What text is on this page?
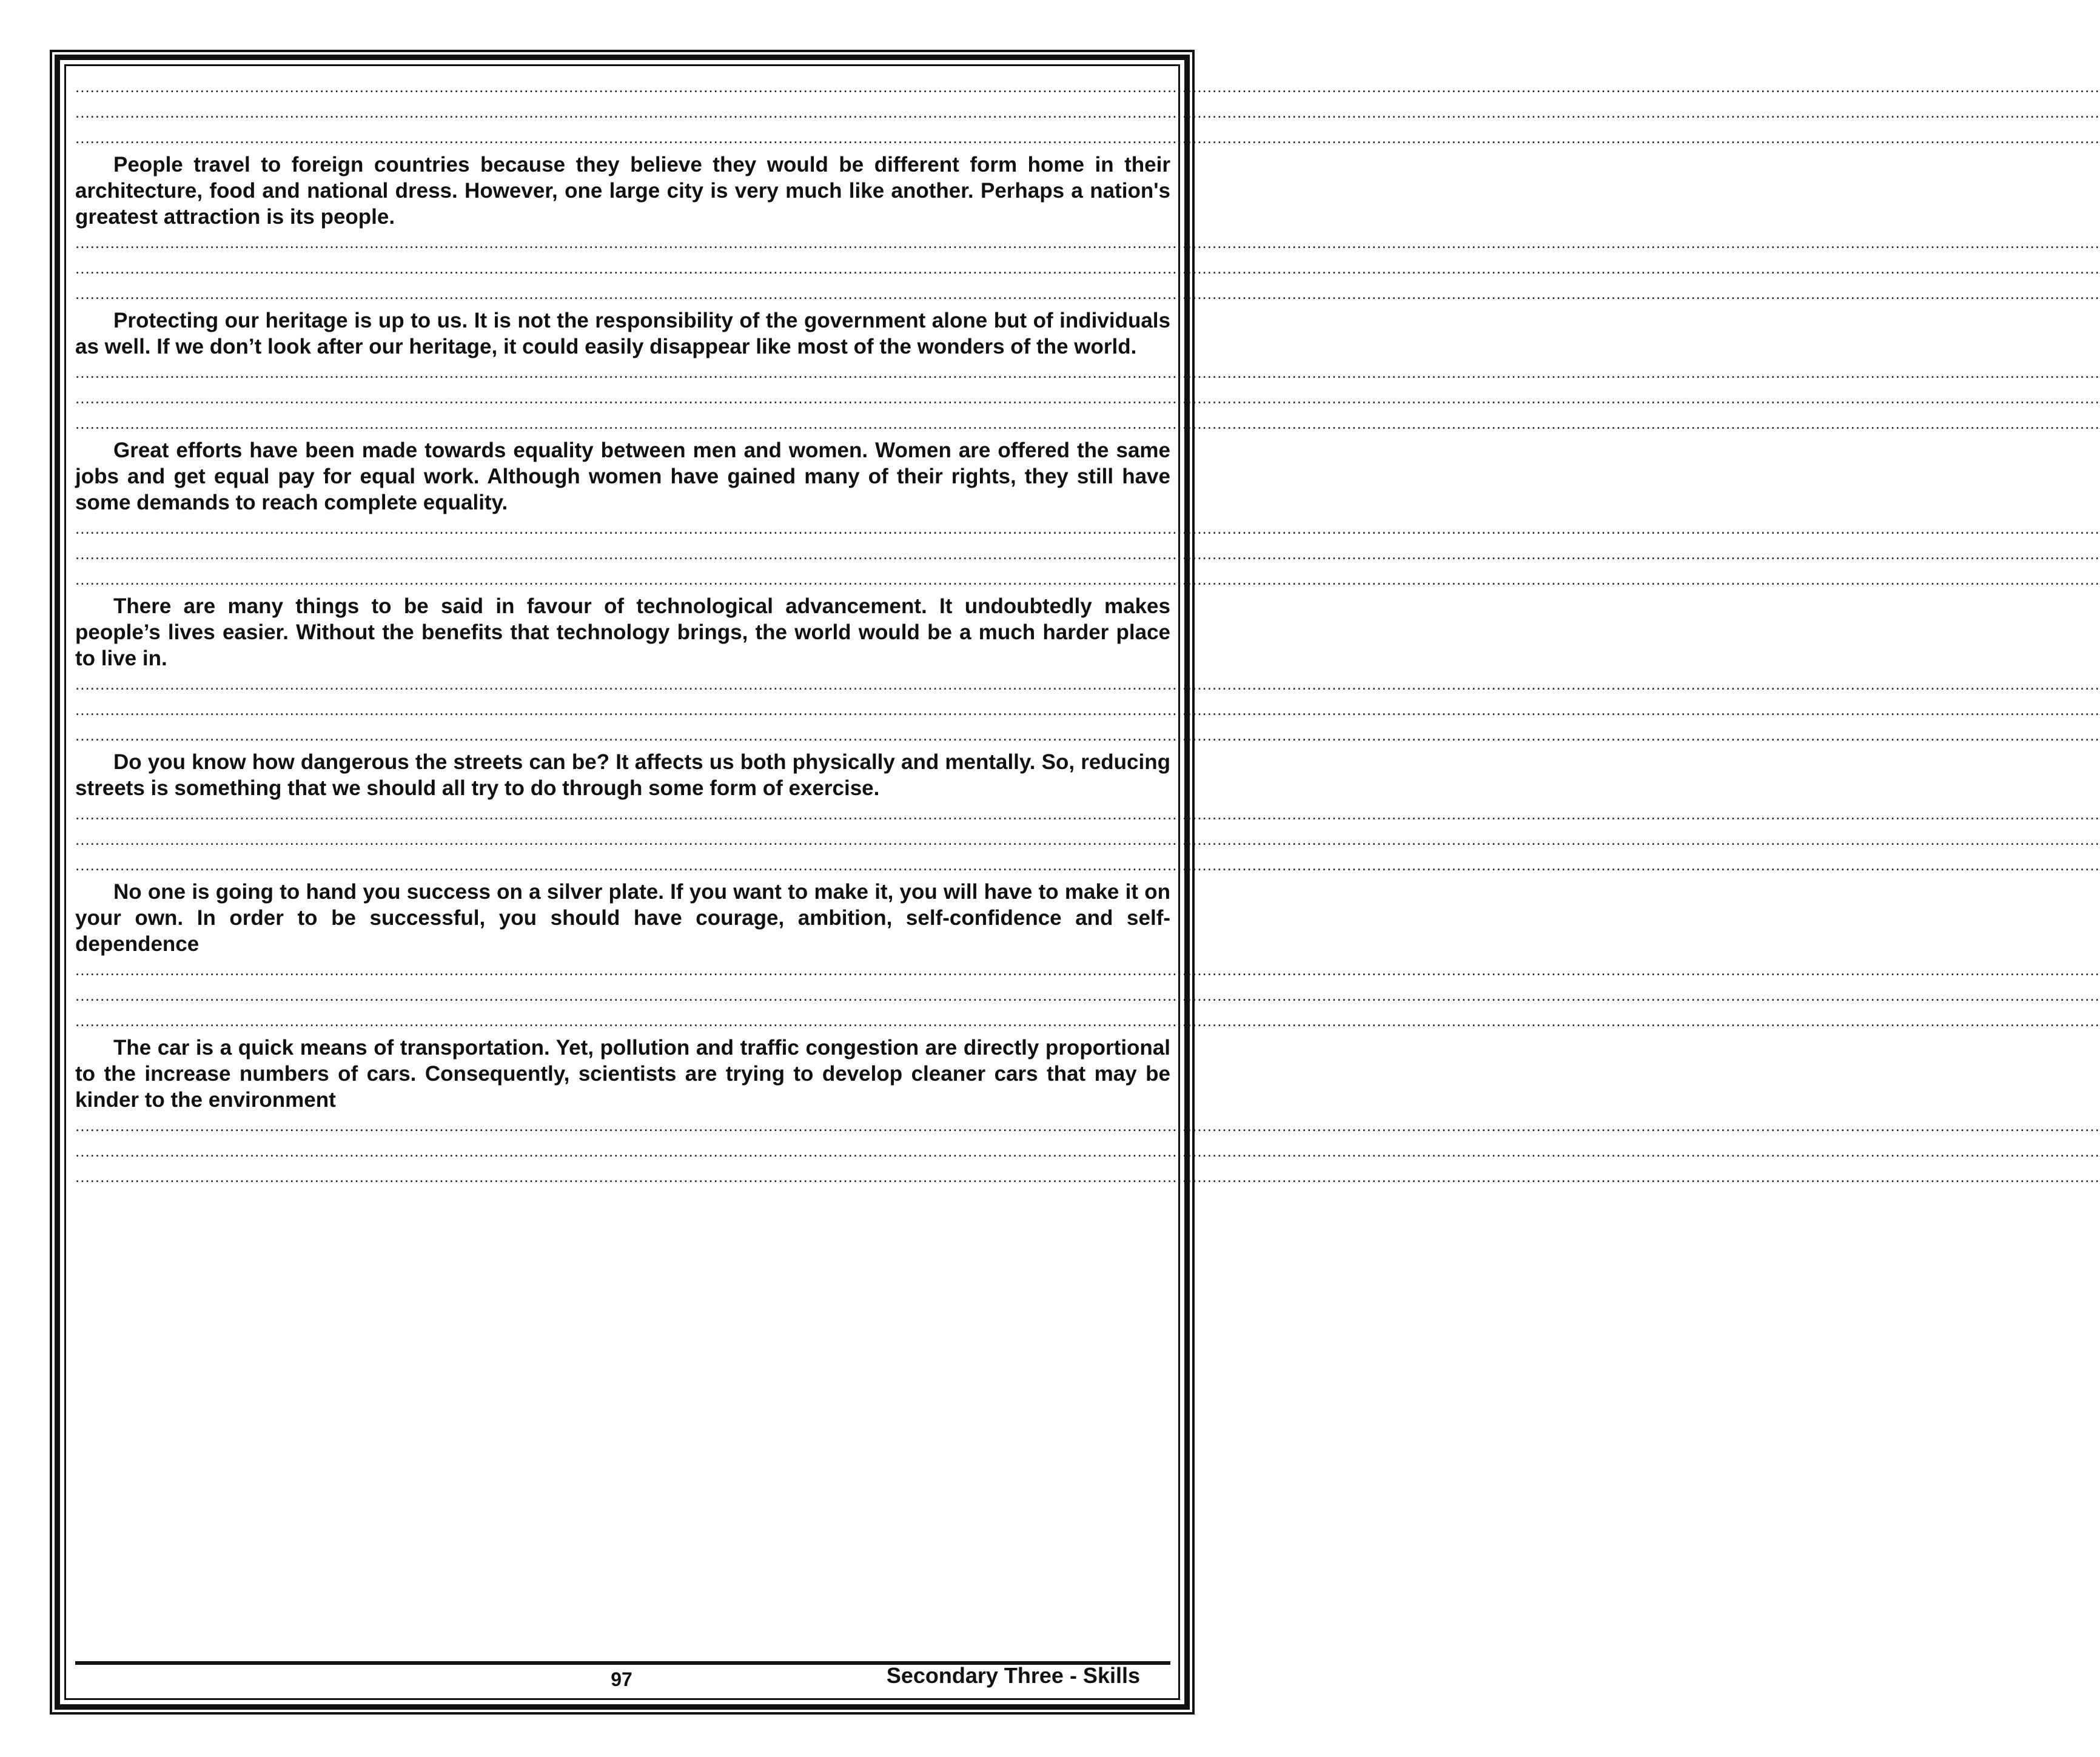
......................................................................................................................................................................................................................................................................................................................................................................................................................
......................................................................................................................................................................................................................................................................................................................................................................................................................
......................................................................................................................................................................................................................................................................................................................................................................................................................

People travel to foreign countries because they believe they would be different form home in their architecture, food and national dress. However, one large city is very much like another. Perhaps a nation's greatest attraction is its people.

......................................................................................................................................................................................................................................................................................................................................................................................................................
......................................................................................................................................................................................................................................................................................................................................................................................................................
......................................................................................................................................................................................................................................................................................................................................................................................................................

Protecting our heritage is up to us. It is not the responsibility of the government alone but of individuals as well. If we don’t look after our heritage, it could easily disappear like most of the wonders of the world.

......................................................................................................................................................................................................................................................................................................................................................................................................................
......................................................................................................................................................................................................................................................................................................................................................................................................................
......................................................................................................................................................................................................................................................................................................................................................................................................................

Great efforts have been made towards equality between men and women. Women are offered the same jobs and get equal pay for equal work. Although women have gained many of their rights, they still have some demands to reach complete equality.

......................................................................................................................................................................................................................................................................................................................................................................................................................
......................................................................................................................................................................................................................................................................................................................................................................................................................
......................................................................................................................................................................................................................................................................................................................................................................................................................

There are many things to be said in favour of technological advancement. It undoubtedly makes people’s lives easier. Without the benefits that technology brings, the world would be a much harder place to live in.

......................................................................................................................................................................................................................................................................................................................................................................................................................
......................................................................................................................................................................................................................................................................................................................................................................................................................
......................................................................................................................................................................................................................................................................................................................................................................................................................

Do you know how dangerous the streets can be? It affects us both physically and mentally. So, reducing streets is something that we should all try to do through some form of exercise.

......................................................................................................................................................................................................................................................................................................................................................................................................................
......................................................................................................................................................................................................................................................................................................................................................................................................................
......................................................................................................................................................................................................................................................................................................................................................................................................................

No one is going to hand you success on a silver plate. If you want to make it, you will have to make it on your own. In order to be successful, you should have courage, ambition, self-confidence and self-dependence

......................................................................................................................................................................................................................................................................................................................................................................................................................
......................................................................................................................................................................................................................................................................................................................................................................................................................
......................................................................................................................................................................................................................................................................................................................................................................................................................

The car is a quick means of transportation. Yet, pollution and traffic congestion are directly proportional to the increase numbers of cars. Consequently, scientists are trying to develop cleaner cars that may be kinder to the environment

......................................................................................................................................................................................................................................................................................................................................................................................................................
......................................................................................................................................................................................................................................................................................................................................................................................................................
......................................................................................................................................................................................................................................................................................................................................................................................................................
97	Secondary Three - Skills
